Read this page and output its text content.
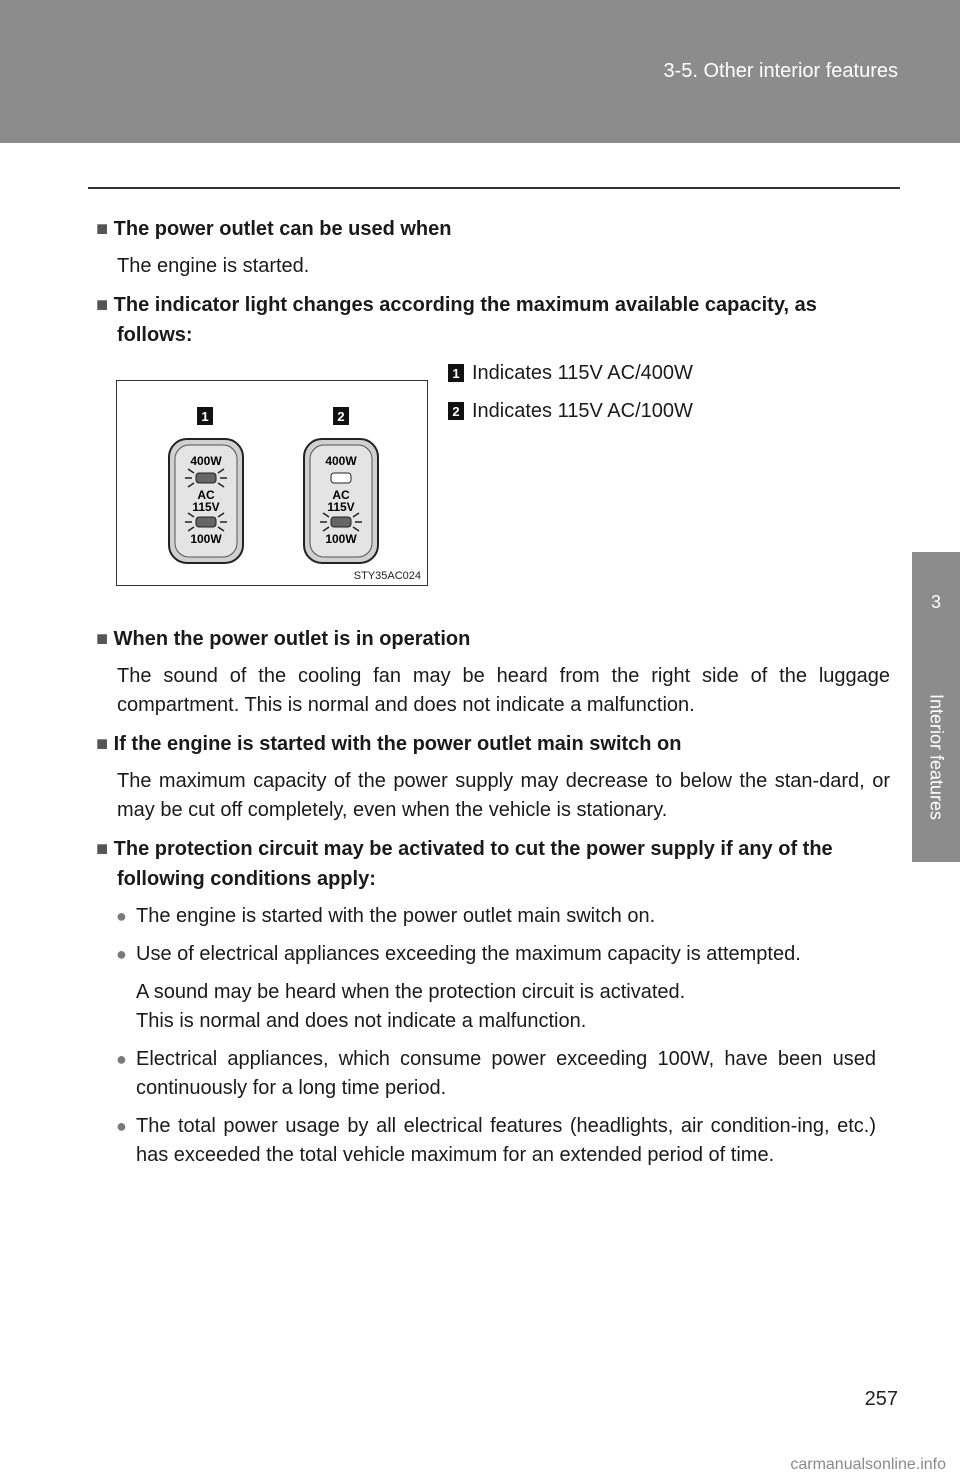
3-5. Other interior features
3
Interior features
■ The power outlet can be used when

The engine is started.

■ The indicator light changes according the maximum available capacity, as follows:
1	2
400W
AC
115V
100W
400W
AC
115V
100W
STY35AC024
1 Indicates 115V AC/400W
2 Indicates 115V AC/100W
■ When the power outlet is in operation

The sound of the cooling fan may be heard from the right side of the luggage compartment. This is normal and does not indicate a malfunction.

■ If the engine is started with the power outlet main switch on

The maximum capacity of the power supply may decrease to below the stan-dard, or may be cut off completely, even when the vehicle is stationary.

■ The protection circuit may be activated to cut the power supply if any of the following conditions apply:
● The engine is started with the power outlet main switch on.
● Use of electrical appliances exceeding the maximum capacity is attempted.
A sound may be heard when the protection circuit is activated.
This is normal and does not indicate a malfunction.
● Electrical appliances, which consume power exceeding 100W, have been used continuously for a long time period.
● The total power usage by all electrical features (headlights, air condition-ing, etc.) has exceeded the total vehicle maximum for an extended period of time.
257
carmanualsonline.info
